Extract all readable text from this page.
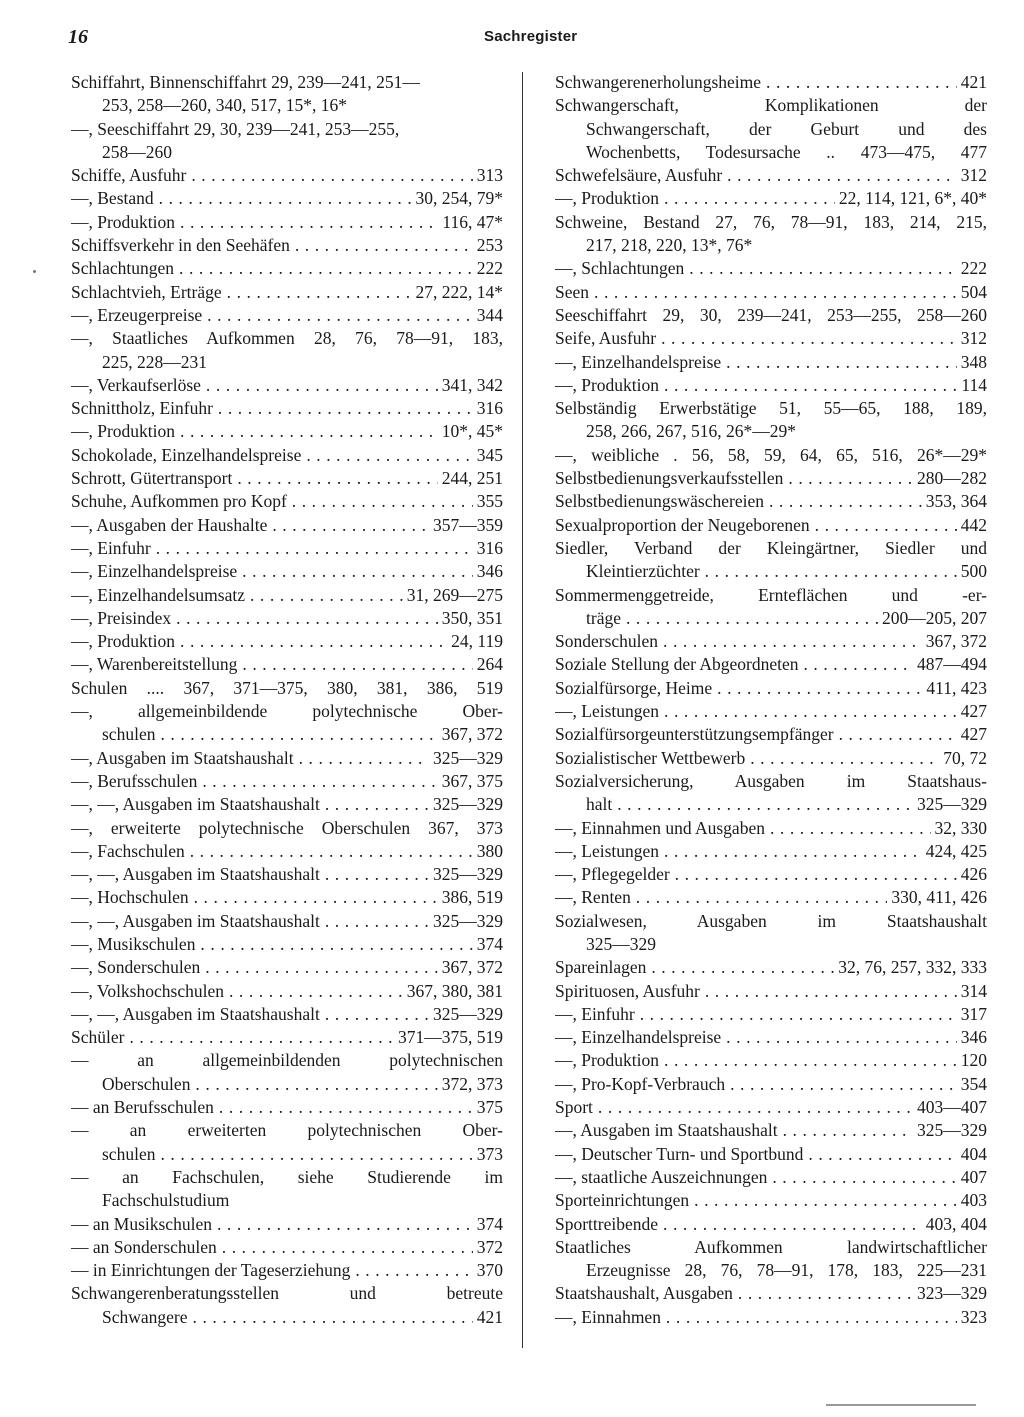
16	Sachregister
Schiffahrt, Binnenschiffahrt 29, 239—241, 251—
253, 258—260, 340, 517, 15*, 16*
—, Seeschiffahrt 29, 30, 239—241, 253—255,
258—260
Schiffe, Ausfuhr . . .	313
—, Bestand . . .	30, 254, 79*
—, Produktion . . .	116, 47*
Schiffsverkehr in den Seehäfen . . .	253
Schlachtungen . . .	222
Schlachtvieh, Erträge . . .	27, 222, 14*
—, Erzeugerpreise . . .	344
—, Staatliches Aufkommen 28, 76, 78—91, 183,
225, 228—231
—, Verkaufserlöse . . .	341, 342
Schnittholz, Einfuhr . . .	316
—, Produktion . . .	10*, 45*
Schokolade, Einzelhandelspreise . . .	345
Schrott, Gütertransport . . .	244, 251
Schuhe, Aufkommen pro Kopf . . .	355
—, Ausgaben der Haushalte . . .	357—359
—, Einfuhr . . .	316
—, Einzelhandelspreise . . .	346
—, Einzelhandelsumsatz . . .	31, 269—275
—, Preisindex . . .	350, 351
—, Produktion . . .	24, 119
—, Warenbereitstellung . . .	264
Schulen .... 367, 371—375, 380, 381, 386, 519
—, allgemeinbildende polytechnische Ober-
schulen . . .	367, 372
—, Ausgaben im Staatshaushalt . . .	325—329
—, Berufsschulen . . .	367, 375
—, —, Ausgaben im Staatshaushalt . . .	325—329
—, erweiterte polytechnische Oberschulen 367, 373
—, Fachschulen . . .	380
—, —, Ausgaben im Staatshaushalt . . .	325—329
—, Hochschulen . . .	386, 519
—, —, Ausgaben im Staatshaushalt . . .	325—329
—, Musikschulen . . .	374
—, Sonderschulen . . .	367, 372
—, Volkshochschulen . . .	367, 380, 381
—, —, Ausgaben im Staatshaushalt . . .	325—329
Schüler . . .	371—375, 519
— an allgemeinbildenden polytechnischen
Oberschulen . . .	372, 373
— an Berufsschulen . . .	375
— an erweiterten polytechnischen Ober-
schulen . . .	373
— an Fachschulen, siehe Studierende im
Fachschulstudium
— an Musikschulen . . .	374
— an Sonderschulen . . .	372
— in Einrichtungen der Tageserziehung . . .	370
Schwangerenberatungsstellen und betreute
Schwangere . . .	421
Schwangerenerholungsheime . . .	421
Schwangerschaft, Komplikationen der
Schwangerschaft, der Geburt und des
Wochenbetts, Todesursache .. 473—475, 477
Schwefelsäure, Ausfuhr . . .	312
—, Produktion . . .	22, 114, 121, 6*, 40*
Schweine, Bestand 27, 76, 78—91, 183, 214, 215,
217, 218, 220, 13*, 76*
—, Schlachtungen . . .	222
Seen . . .	504
Seeschiffahrt 29, 30, 239—241, 253—255, 258—260
Seife, Ausfuhr . . .	312
—, Einzelhandelspreise . . .	348
—, Produktion . . .	114
Selbständig Erwerbstätige 51, 55—65, 188, 189,
258, 266, 267, 516, 26*—29*
—, weibliche . 56, 58, 59, 64, 65, 516, 26*—29*
Selbstbedienungsverkaufsstellen . . .	280—282
Selbstbedienungswäschereien . . .	353, 364
Sexualproportion der Neugeborenen . . .	442
Siedler, Verband der Kleingärtner, Siedler und
Kleintierzüchter . . .	500
Sommermenggetreide, Ernteflächen und -er-
träge . . .	200—205, 207
Sonderschulen . . .	367, 372
Soziale Stellung der Abgeordneten . . .	487—494
Sozialfürsorge, Heime . . .	411, 423
—, Leistungen . . .	427
Sozialfürsorgeunterstützungsempfänger . . .	427
Sozialistischer Wettbewerb . . .	70, 72
Sozialversicherung, Ausgaben im Staatshaus-
halt . . .	325—329
—, Einnahmen und Ausgaben . . .	32, 330
—, Leistungen . . .	424, 425
—, Pflegegelder . . .	426
—, Renten . . .	330, 411, 426
Sozialwesen, Ausgaben im Staatshaushalt
325—329
Spareinlagen . . .	32, 76, 257, 332, 333
Spirituosen, Ausfuhr . . .	314
—, Einfuhr . . .	317
—, Einzelhandelspreise . . .	346
—, Produktion . . .	120
—, Pro-Kopf-Verbrauch . . .	354
Sport . . .	403—407
—, Ausgaben im Staatshaushalt . . .	325—329
—, Deutscher Turn- und Sportbund . . .	404
—, staatliche Auszeichnungen . . .	407
Sporteinrichtungen . . .	403
Sporttreibende . . .	403, 404
Staatliches Aufkommen landwirtschaftlicher
Erzeugnisse 28, 76, 78—91, 178, 183, 225—231
Staatshaushalt, Ausgaben . . .	323—329
—, Einnahmen . . .	323
